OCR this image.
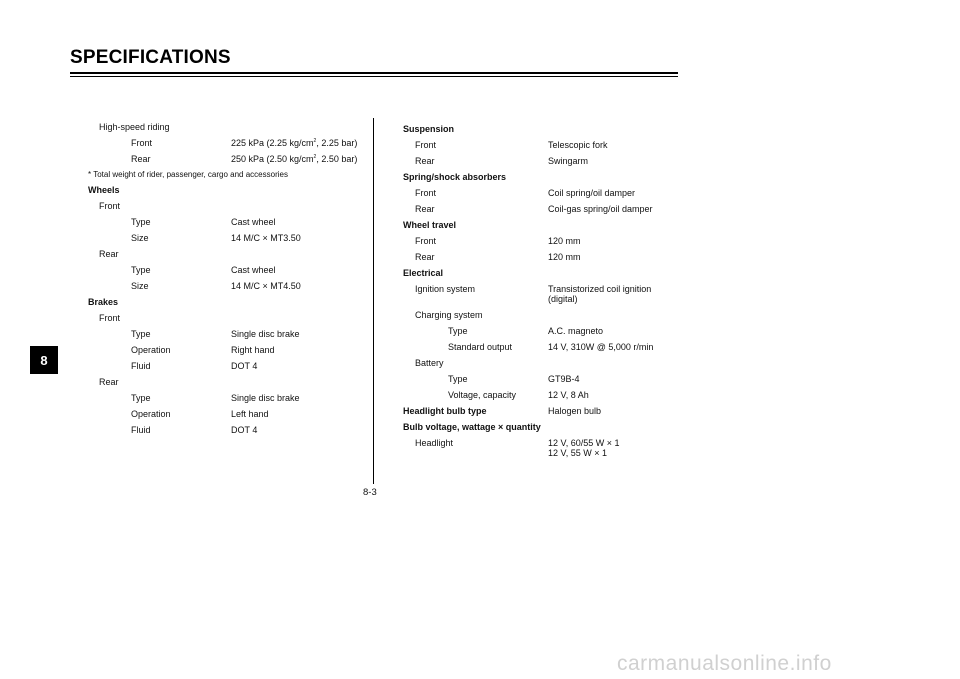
SPECIFICATIONS
8
High-speed riding
Front	225 kPa (2.25 $kg/cm^2$, 2.25 bar)
Rear	250 kPa (2.50 $kg/cm^2$, 2.50 bar)
* Total weight of rider, passenger, cargo and accessories
Wheels
Front
Type	Cast wheel
Size	14 M/C × MT3.50
Rear
Type	Cast wheel
Size	14 M/C × MT4.50
Brakes
Front
Type	Single disc brake
Operation	Right hand
Fluid	DOT 4
Rear
Type	Single disc brake
Operation	Left hand
Fluid	DOT 4
Suspension
Front	Telescopic fork
Rear	Swingarm
Spring/shock absorbers
Front	Coil spring/oil damper
Rear	Coil-gas spring/oil damper
Wheel travel
Front	120 mm
Rear	120 mm
Electrical
Ignition system	Transistorized coil ignition
(digital)
Charging system
Type	A.C. magneto
Standard output	14 V, 310W @ 5,000 r/min
Battery
Type	GT9B-4
Voltage, capacity	12 V, 8 Ah
Headlight bulb type	Halogen bulb
Bulb voltage, wattage × quantity
Headlight	12 V, 60/55 W × 1
12 V, 55 W × 1
8-3
carmanualsonline.info
